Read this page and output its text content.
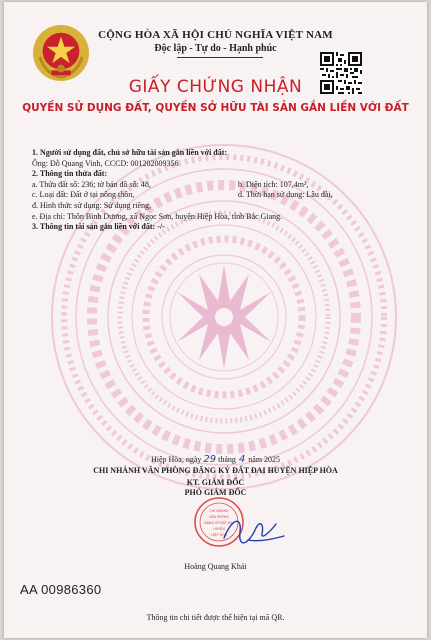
CỘNG HÒA XÃ HỘI CHỦ NGHĨA VIỆT NAM
Độc lập - Tự do - Hạnh phúc
GIẤY CHỨNG NHẬN
QUYỀN SỬ DỤNG ĐẤT, QUYỀN SỞ HỮU TÀI SẢN GẮN LIỀN VỚI ĐẤT
1. Người sử dụng đất, chủ sở hữu tài sản gắn liền với đất:
Ông: Đỗ Quang Vinh, CCCD: 001202009356
2. Thông tin thửa đất:
a. Thửa đất số: 236; tờ bản đồ số: 48,	b. Diện tích: 107,4m²,
c. Loại đất: Đất ở tại nông thôn,	d. Thời hạn sử dụng: Lâu dài,
đ. Hình thức sử dụng: Sử dụng riêng,
e. Địa chỉ: Thôn Bình Dương, xã Ngọc Sơn, huyện Hiệp Hòa, tỉnh Bắc Giang.
3. Thông tin tài sản gắn liền với đất: -/-
Hiệp Hòa, ngày 29 tháng 4 năm 2025
CHI NHÁNH VĂN PHÒNG ĐĂNG KÝ ĐẤT ĐAI HUYỆN HIỆP HÒA
KT. GIÁM ĐỐC
PHÓ GIÁM ĐỐC
CHI NHÁNH
VĂN PHÒNG
ĐĂNG KÝ ĐẤT ĐAI
HUYỆN
HIỆP HÒA
Hoàng Quang Khải
AA 00986360
Thông tin chi tiết được thể hiện tại mã QR.
